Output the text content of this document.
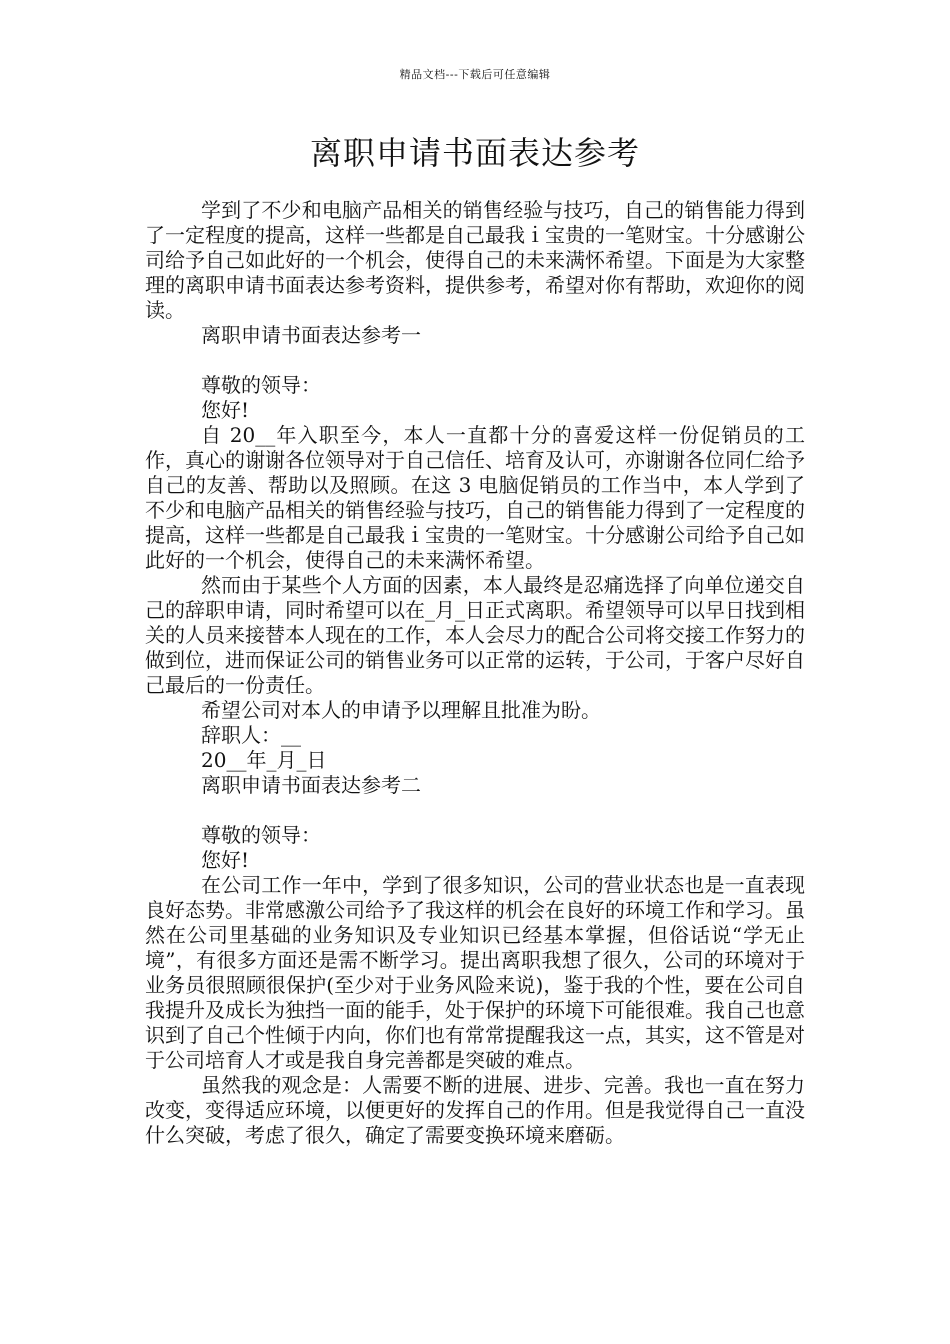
精品文档---下载后可任意编辑
离职申请书面表达参考

学到了不少和电脑产品相关的销售经验与技巧，自己的销售能力得到了一定程度的提高，这样一些都是自己最我ｉ宝贵的一笔财宝。十分感谢公司给予自己如此好的一个机会，使得自己的未来满怀希望。下面是为大家整理的离职申请书面表达参考资料，提供参考，希望对你有帮助，欢迎你的阅读。

离职申请书面表达参考一

尊敬的领导：

您好!

自 20__年入职至今，本人一直都十分的喜爱这样一份促销员的工作，真心的谢谢各位领导对于自己信任、培育及认可，亦谢谢各位同仁给予自己的友善、帮助以及照顾。在这 3 电脑促销员的工作当中，本人学到了不少和电脑产品相关的销售经验与技巧，自己的销售能力得到了一定程度的提高，这样一些都是自己最我ｉ宝贵的一笔财宝。十分感谢公司给予自己如此好的一个机会，使得自己的未来满怀希望。

然而由于某些个人方面的因素，本人最终是忍痛选择了向单位递交自己的辞职申请，同时希望可以在_月_日正式离职。希望领导可以早日找到相关的人员来接替本人现在的工作，本人会尽力的配合公司将交接工作努力的做到位，进而保证公司的销售业务可以正常的运转，于公司，于客户尽好自己最后的一份责任。

希望公司对本人的申请予以理解且批准为盼。

辞职人：__

20__年_月_日

离职申请书面表达参考二

尊敬的领导：

您好!

在公司工作一年中，学到了很多知识，公司的营业状态也是一直表现良好态势。非常感激公司给予了我这样的机会在良好的环境工作和学习。虽然在公司里基础的业务知识及专业知识已经基本掌握，但俗话说“学无止境”，有很多方面还是需不断学习。提出离职我想了很久，公司的环境对于业务员很照顾很保护(至少对于业务风险来说)，鉴于我的个性，要在公司自我提升及成长为独挡一面的能手，处于保护的环境下可能很难。我自己也意识到了自己个性倾于内向，你们也有常常提醒我这一点，其实，这不管是对于公司培育人才或是我自身完善都是突破的难点。

虽然我的观念是：人需要不断的进展、进步、完善。我也一直在努力改变，变得适应环境，以便更好的发挥自己的作用。但是我觉得自己一直没什么突破，考虑了很久，确定了需要变换环境来磨砺。
